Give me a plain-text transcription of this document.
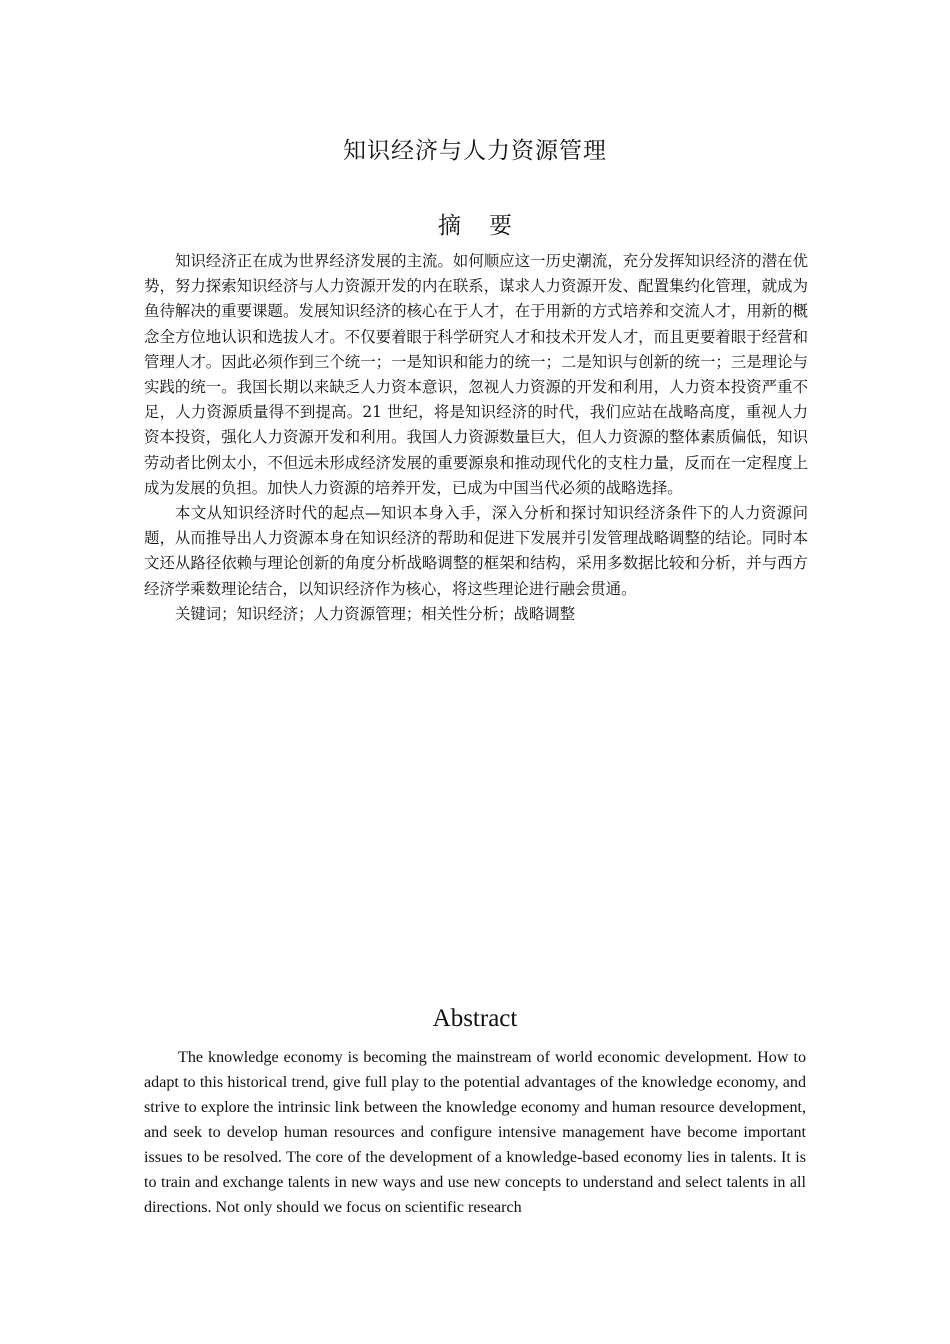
知识经济与人力资源管理
摘 要

知识经济正在成为世界经济发展的主流。如何顺应这一历史潮流，充分发挥知识经济的潜在优势，努力探索知识经济与人力资源开发的内在联系，谋求人力资源开发、配置集约化管理，就成为鱼待解决的重要课题。发展知识经济的核心在于人才，在于用新的方式培养和交流人才，用新的概念全方位地认识和选拔人才。不仅要着眼于科学研究人才和技术开发人才，而且更要着眼于经营和管理人才。因此必须作到三个统一；一是知识和能力的统一；二是知识与创新的统一；三是理论与实践的统一。我国长期以来缺乏人力资本意识，忽视人力资源的开发和利用，人力资本投资严重不足，人力资源质量得不到提高。21 世纪，将是知识经济的时代，我们应站在战略高度，重视人力资本投资，强化人力资源开发和利用。我国人力资源数量巨大，但人力资源的整体素质偏低，知识劳动者比例太小，不但远未形成经济发展的重要源泉和推动现代化的支柱力量，反而在一定程度上成为发展的负担。加快人力资源的培养开发，已成为中国当代必须的战略选择。

本文从知识经济时代的起点—知识本身入手，深入分析和探讨知识经济条件下的人力资源问题，从而推导出人力资源本身在知识经济的帮助和促进下发展并引发管理战略调整的结论。同时本文还从路径依赖与理论创新的角度分析战略调整的框架和结构，采用多数据比较和分析，并与西方经济学乘数理论结合，以知识经济作为核心，将这些理论进行融会贯通。

关键词；知识经济；人力资源管理；相关性分析；战略调整

Abstract

The knowledge economy is becoming the mainstream of world economic development. How to adapt to this historical trend, give full play to the potential advantages of the knowledge economy, and strive to explore the intrinsic link between the knowledge economy and human resource development, and seek to develop human resources and configure intensive management have become important issues to be resolved. The core of the development of a knowledge-based economy lies in talents. It is to train and exchange talents in new ways and use new concepts to understand and select talents in all directions. Not only should we focus on scientific research
